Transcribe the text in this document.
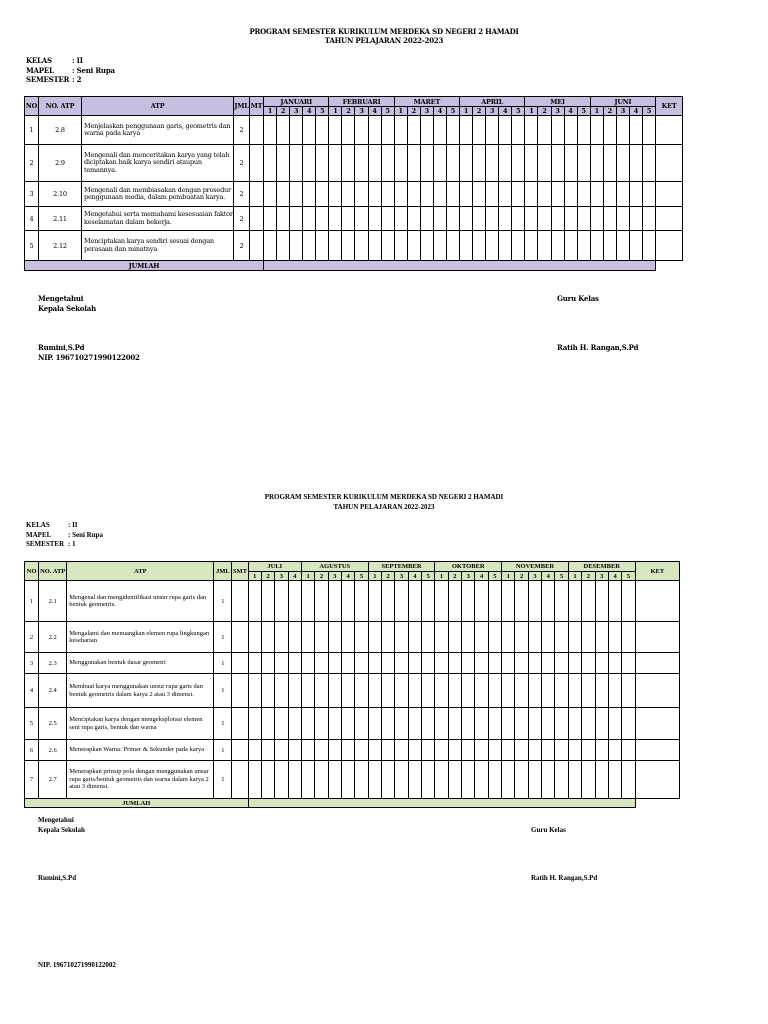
PROGRAM SEMESTER KURIKULUM MERDEKA SD NEGERI 2 HAMADI
TAHUN PELAJARAN 2022-2023
KELAS	: II
MAPEL	: Seni Rupa
SEMESTER : 2
NO	NO. ATP	ATP	JML	MT	JANUARI					FEBRUARI					MARET					APRIL					MEI					JUNI					KET
					1	2	3	4	5	1	2	3	4	5	1	2	3	4	5	1	2	3	4	5	1	2	3	4	5	1	2	3	4	5	
1	2.8	Menjelaskan penggunaan garis, geometris dan warna pada karya	2																																
2	2.9	Mengenali dan menceritakan karya yang telah diciptakan baik karya sendiri ataupun temannya.	2																																
3	2.10	Mengenali dan membiasakan dengan prosedur penggunaan media, dalam pembuatan karya.	2																																
4	2.11	Mengetahui serta memahami kesesuaian faktor keselamatan dalam bekerja.	2																																
5	2.12	Menciptakan karya sendiri sesuai dengan perasaan dan minatnya	2																																
JUMLAH																																			
Mengetahui
Kepala Sekolah
Guru Kelas
Rumini,S.Pd
NIP. 196710271990122002
Ratih H. Rangan,S.Pd
PROGRAM SEMESTER KURIKULUM MERDEKA SD NEGERI 2 HAMADI
TAHUN PELAJARAN 2022-2023
KELAS	: II
MAPEL	: Seni Rupa
SEMESTER : 1
NO	NO. ATP	ATP	JML	SMT	JULI				AGUSTUS					SEPTEMBER					OKTOBER					NOVEMBER					DESEMBER					KET
					1	2	3	4	1	2	3	4	5	1	2	3	4	5	1	2	3	4	5	1	2	3	4	5	1	2	3	4	5	
1	2.1	Mengenal dan mengidentifikasi unsur rupa garis dan bentuk geometris.	1																															
2	2.2	Mengalami dan menuangkan elemen rupa lingkungan keseharian	1																															
3	2.3	Menggunakan bentuk dasar geometri	1																															
4	2.4	Membuat karya menggunakan unsur rupa garis dan bentuk geometris dalam karya 2 atau 3 dimensi.	1																															
5	2.5	Menciptakan karya dengan mengeksplorasi elemen seni rupa garis, bentuk dan warna	1																															
6	2.6	Menerapkan Warna: Primer & Sekunder pada karya	1																															
7	2.7	Menerapkan prinsip pola dengan menggunakan unsur rupa garis/bentuk geometris dan warna dalam karya 2 atau 3 dimensi.	1																															
JUMLAH																																		
Mengetahui
Kepala Sekolah	Guru Kelas
Rumini,S.Pd	Ratih H. Rangan,S.Pd
NIP. 196710271990122002
